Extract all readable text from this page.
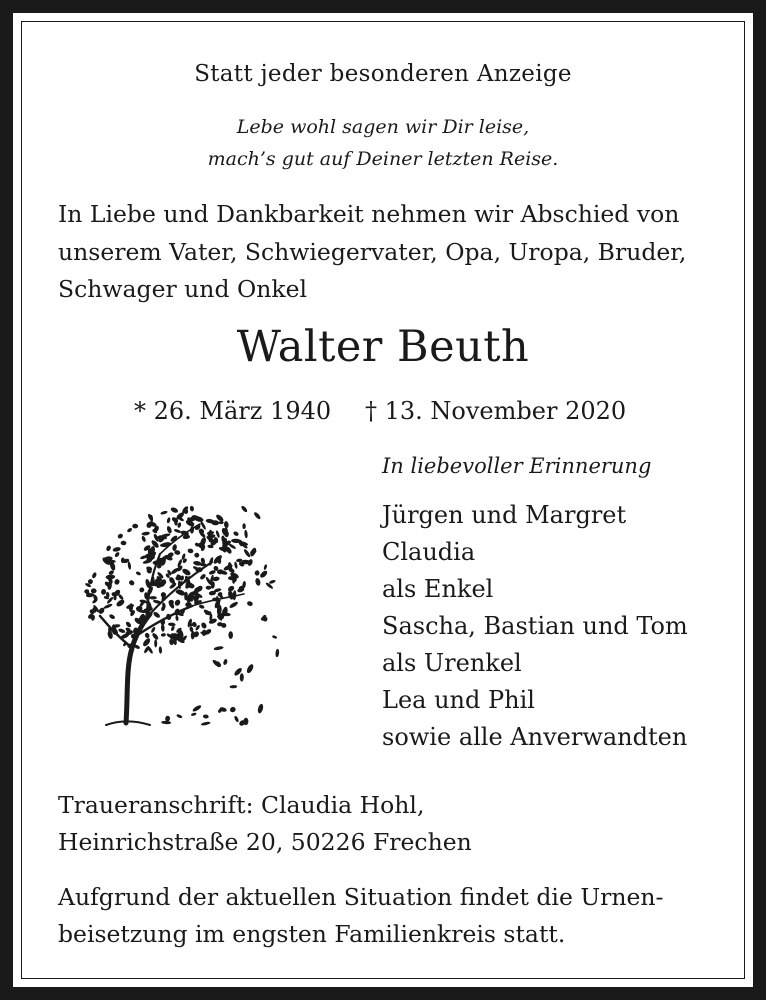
Statt jeder besonderen Anzeige

Lebe wohl sagen wir Dir leise,

mach’s gut auf Deiner letzten Reise.

In Liebe und Dankbarkeit nehmen wir Abschied von
unserem Vater, Schwiegervater, Opa, Uropa, Bruder,
Schwager und Onkel

Walter Beuth

* 26. März 1940 † 13. November 2020

In liebevoller Erinnerung

Jürgen und Margret

Claudia

als Enkel

Sascha, Bastian und Tom

als Urenkel

Lea und Phil

sowie alle Anverwandten

Traueranschrift: Claudia Hohl,
Heinrichstraße 20, 50226 Frechen
Aufgrund der aktuellen Situation findet die Urnen-
beisetzung im engsten Familienkreis statt.
